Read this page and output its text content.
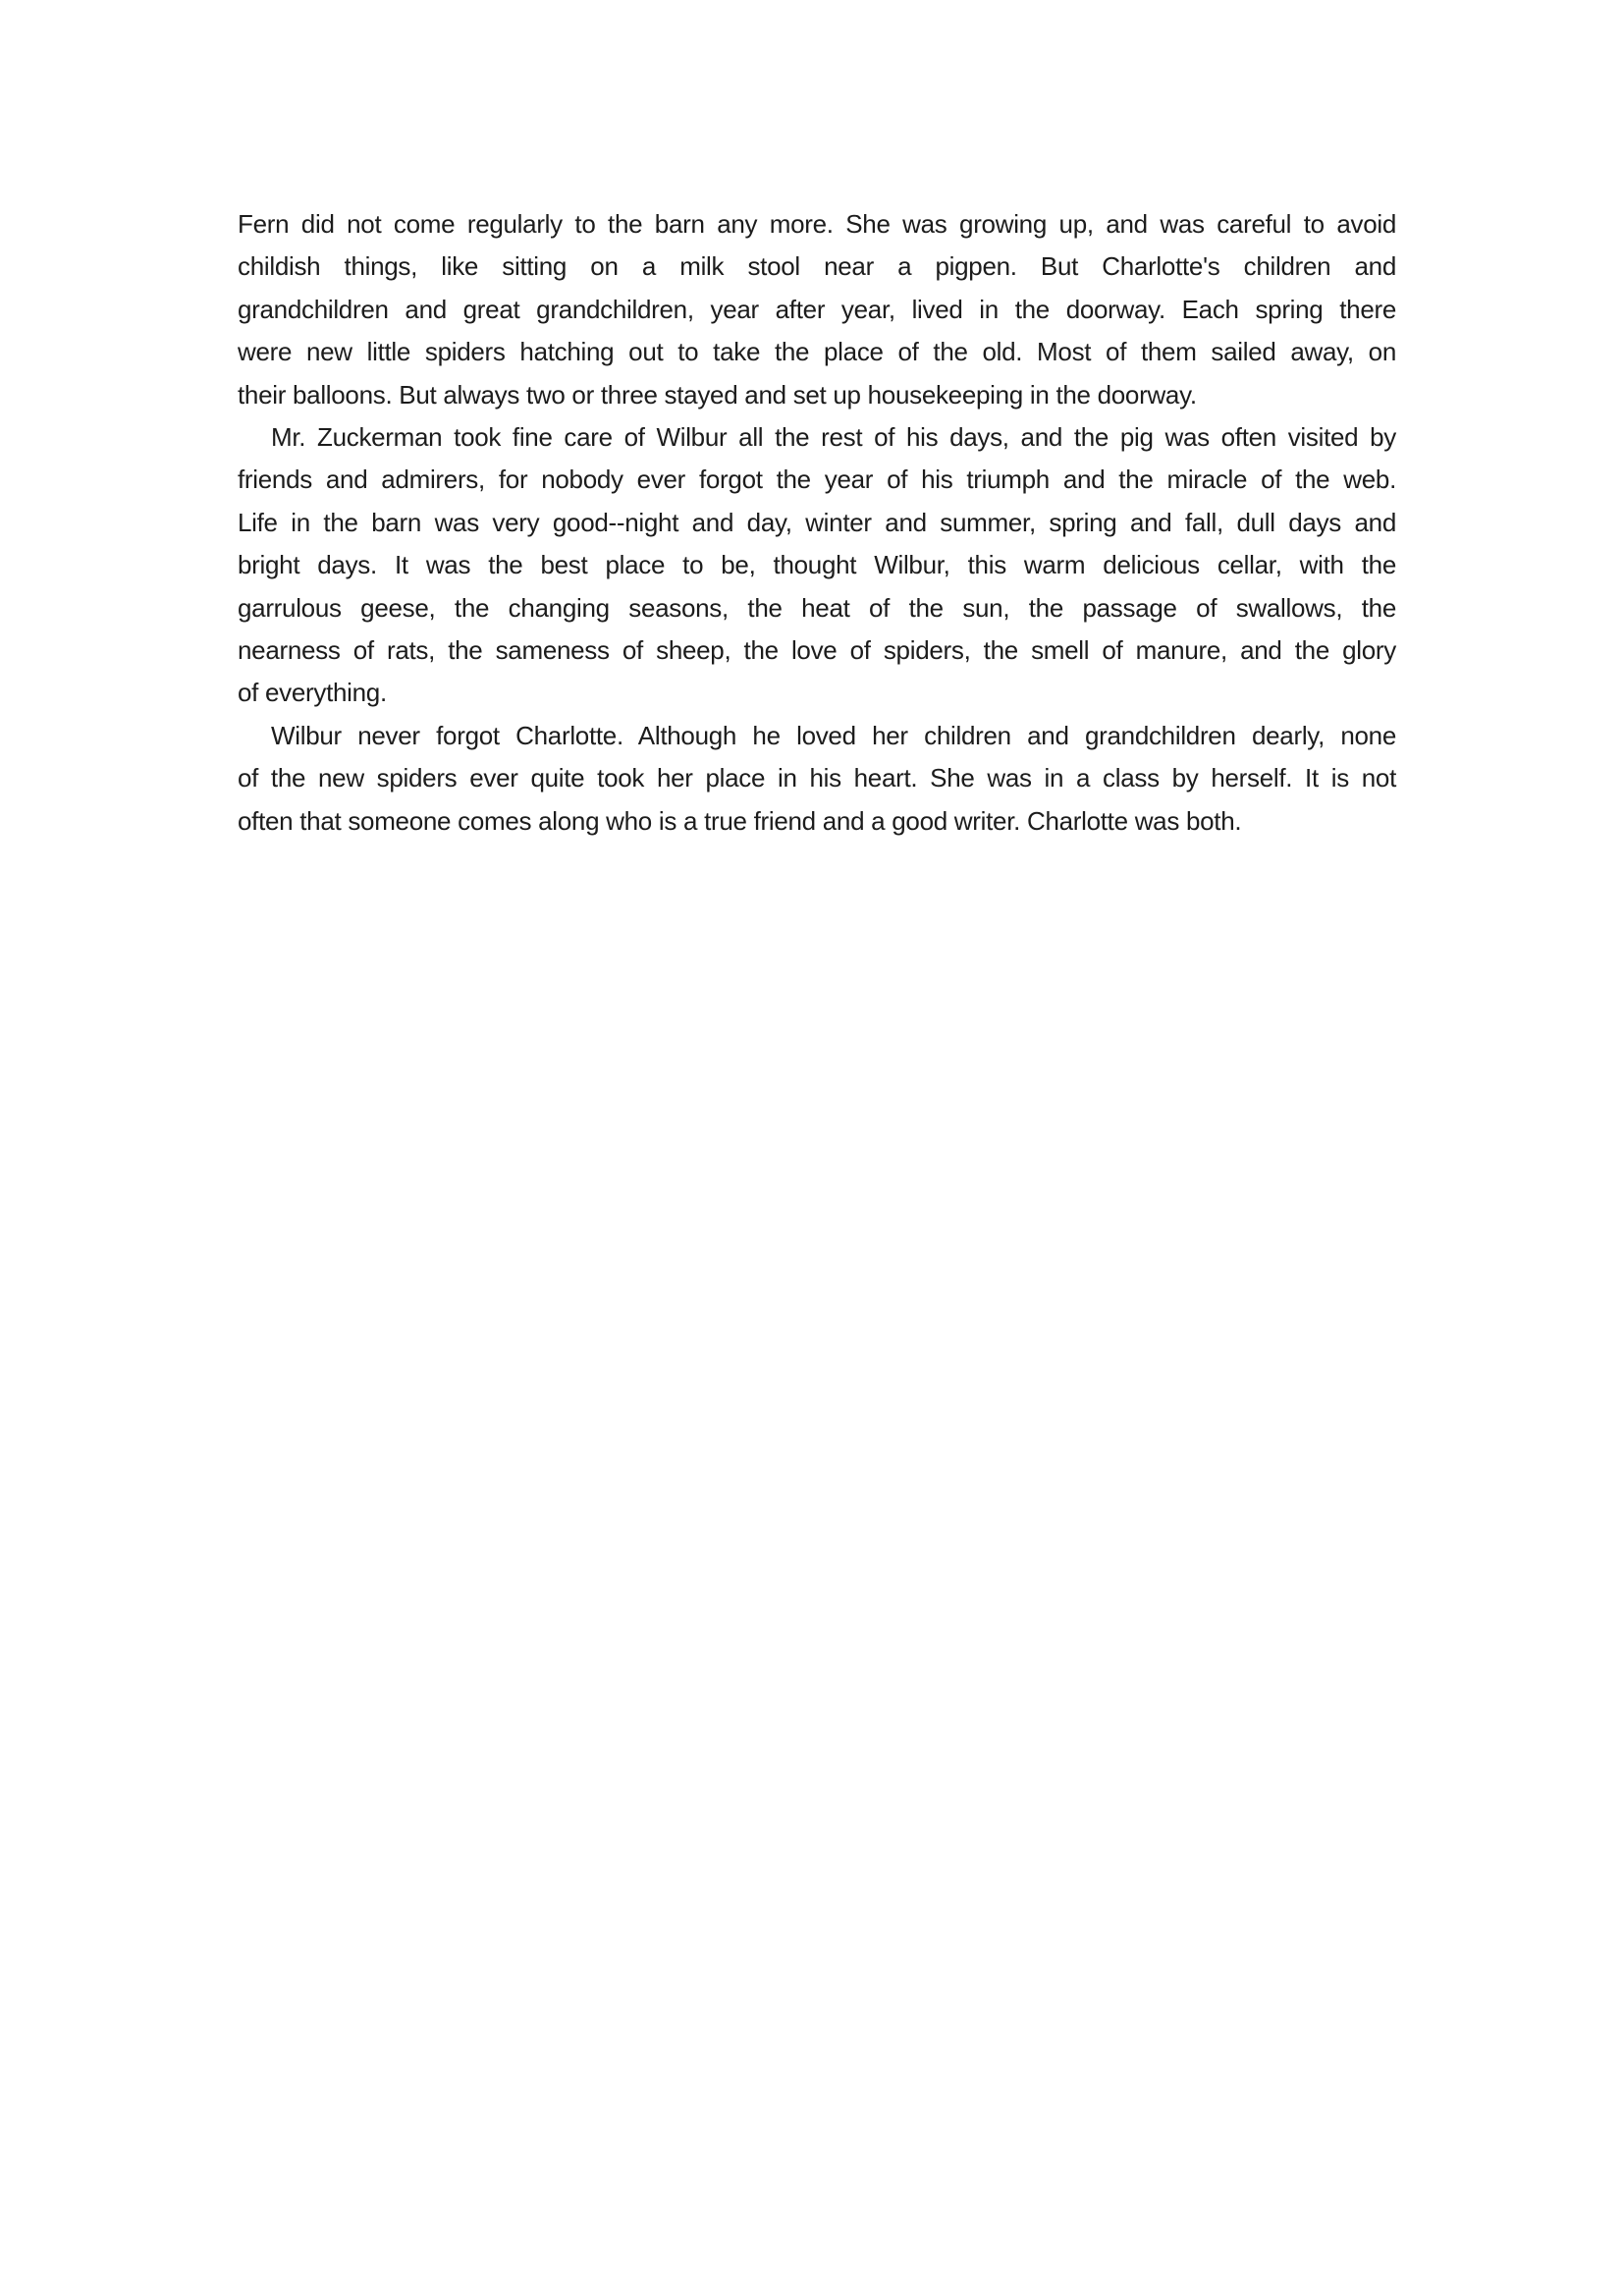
Fern did not come regularly to the barn any more. She was growing up, and was careful to avoid
childish things, like sitting on a milk stool near a pigpen. But Charlotte's children and
grandchildren and great grandchildren, year after year, lived in the doorway. Each spring there
were new little spiders hatching out to take the place of the old. Most of them sailed away, on
their balloons. But always two or three stayed and set up housekeeping in the doorway.

Mr. Zuckerman took fine care of Wilbur all the rest of his days, and the pig was often visited by
friends and admirers, for nobody ever forgot the year of his triumph and the miracle of the web.
Life in the barn was very good--night and day, winter and summer, spring and fall, dull days and
bright days. It was the best place to be, thought Wilbur, this warm delicious cellar, with the
garrulous geese, the changing seasons, the heat of the sun, the passage of swallows, the
nearness of rats, the sameness of sheep, the love of spiders, the smell of manure, and the glory
of everything.

Wilbur never forgot Charlotte. Although he loved her children and grandchildren dearly, none
of the new spiders ever quite took her place in his heart. She was in a class by herself. It is not
often that someone comes along who is a true friend and a good writer. Charlotte was both.
